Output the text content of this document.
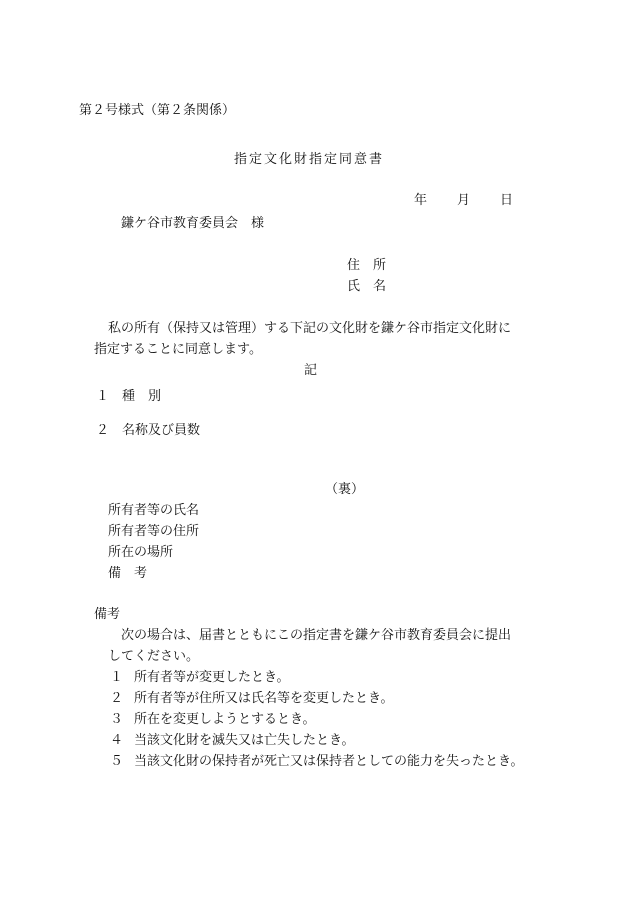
第２号様式（第２条関係）
指定文化財指定同意書
年 月 日
鎌ケ谷市教育委員会　様
住　所
氏　名
私の所有（保持又は管理）する下記の文化財を鎌ケ谷市指定文化財に
指定することに同意します。
記
１ 種　別
２ 名称及び員数
（裏）
所有者等の氏名
所有者等の住所
所在の場所
備　考
備考
次の場合は、届書とともにこの指定書を鎌ケ谷市教育委員会に提出
してください。
１ 所有者等が変更したとき。
２ 所有者等が住所又は氏名等を変更したとき。
３ 所在を変更しようとするとき。
４ 当該文化財を滅失又は亡失したとき。
５ 当該文化財の保持者が死亡又は保持者としての能力を失ったとき。
